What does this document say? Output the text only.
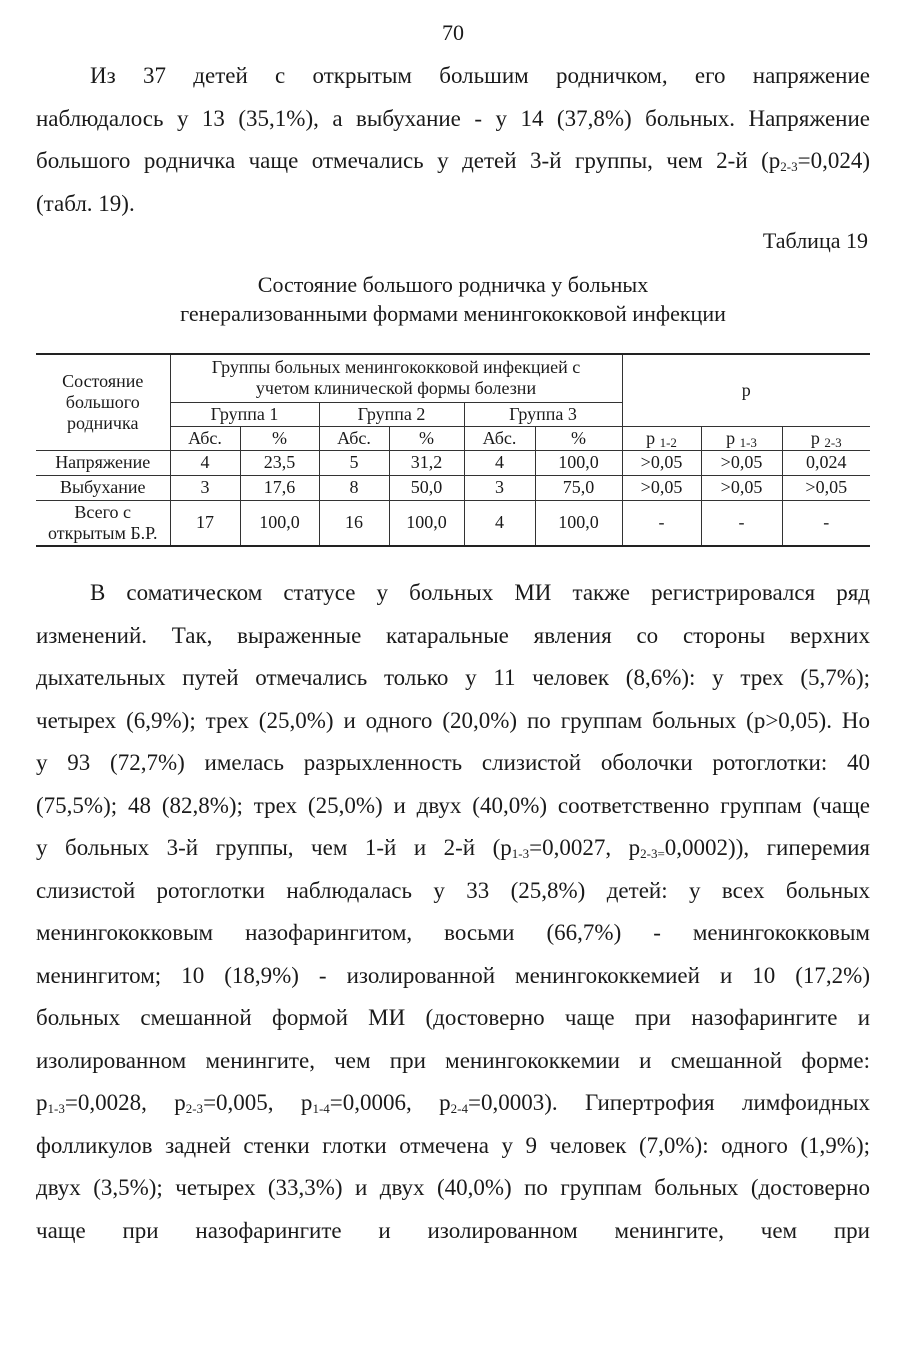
70
Из 37 детей с открытым большим родничком, его напряжение
наблюдалось у 13 (35,1%), а выбухание - у 14 (37,8%) больных. Напряжение
большого родничка чаще отмечались у детей 3-й группы, чем 2-й $(p_{2-3}=0,024)$
(табл. 19).
Таблица 19
Состояние большого родничка у больных
генерализованными формами менингококковой инфекции
Состояние большого родничка	Группы больных менингококковой инфекцией с учетом клинической формы болезни						p		
	Группа 1		Группа 2		Группа 3				
	Абс.	%	Абс.	%	Абс.	%	p $_{1-2}$	p $_{1-3}$	p $_{2-3}$
Напряжение	4	23,5	5	31,2	4	100,0	>0,05	>0,05	0,024
Выбухание	3	17,6	8	50,0	3	75,0	>0,05	>0,05	>0,05
Всего с открытым Б.Р.	17	100,0	16	100,0	4	100,0	-	-	-
В соматическом статусе у больных МИ также регистрировался ряд
изменений. Так, выраженные катаральные явления со стороны верхних
дыхательных путей отмечались только у 11 человек (8,6%): у трех (5,7%);
четырех (6,9%); трех (25,0%) и одного (20,0%) по группам больных (p>0,05). Но
у 93 (72,7%) имелась разрыхленность слизистой оболочки ротоглотки: 40
(75,5%); 48 (82,8%); трех (25,0%) и двух (40,0%) соответственно группам (чаще
у больных 3-й группы, чем 1-й и 2-й ($p_{1-3}=0,0027$, $p_{2-3=}0,0002$)), гиперемия
слизистой ротоглотки наблюдалась у 33 (25,8%) детей: у всех больных
менингококковым назофарингитом, восьми (66,7%) - менингококковым
менингитом; 10 (18,9%) - изолированной менингококкемией и 10 (17,2%)
больных смешанной формой МИ (достоверно чаще при назофарингите и
изолированном менингите, чем при менингококкемии и смешанной форме:
$p_{1-3}=0,0028$, $p_{2-3}=0,005$, $p_{1-4}=0,0006$, $p_{2-4}=0,0003$). Гипертрофия лимфоидных
фолликулов задней стенки глотки отмечена у 9 человек (7,0%): одного (1,9%);
двух (3,5%); четырех (33,3%) и двух (40,0%) по группам больных (достоверно
чаще при назофарингите и изолированном менингите, чем при
